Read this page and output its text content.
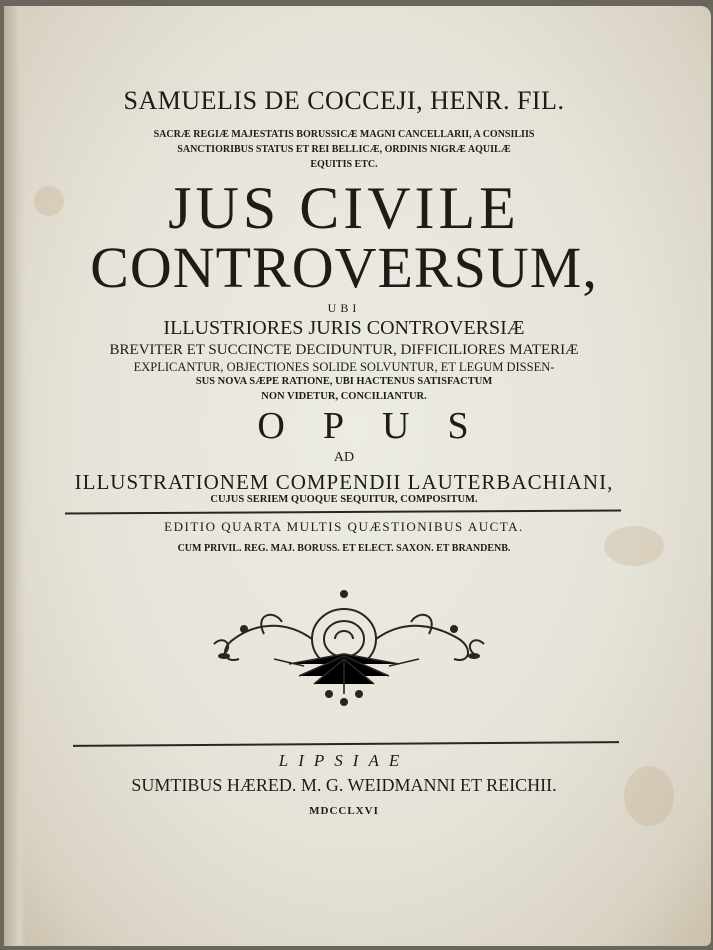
SAMUELIS DE COCCEJI, HENR. FIL.
SACRÆ REGIÆ MAJESTATIS BORUSSICÆ MAGNI CANCELLARII, A CONSILIIS
SANCTIORIBUS STATUS ET REI BELLICÆ, ORDINIS NIGRÆ AQUILÆ
EQUITIS ETC.
JUS CIVILE
CONTROVERSUM,
UBI
ILLUSTRIORES JURIS CONTROVERSIÆ
BREVITER ET SUCCINCTE DECIDUNTUR, DIFFICILIORES MATERIÆ
EXPLICANTUR, OBJECTIONES SOLIDE SOLVUNTUR, ET LEGUM DISSEN-
SUS NOVA SÆPE RATIONE, UBI HACTENUS SATISFACTUM
NON VIDETUR, CONCILIANTUR.
OPUS
AD
ILLUSTRATIONEM COMPENDII LAUTERBACHIANI,
CUJUS SERIEM QUOQUE SEQUITUR, COMPOSITUM.
EDITIO QUARTA MULTIS QUÆSTIONIBUS AUCTA.
CUM PRIVIL. REG. MAJ. BORUSS. ET ELECT. SAXON. ET BRANDENB.
LIPSIAE
SUMTIBUS HÆRED. M. G. WEIDMANNI ET REICHII.
MDCCLXVI
